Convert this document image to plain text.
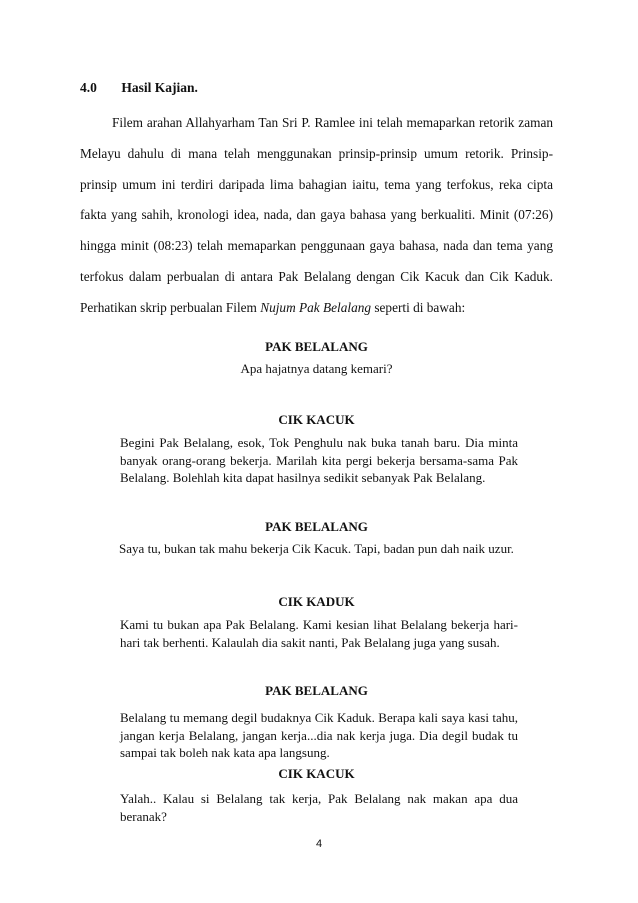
4.0 Hasil Kajian.
Filem arahan Allahyarham Tan Sri P. Ramlee ini telah memaparkan retorik zaman Melayu dahulu di mana telah menggunakan prinsip-prinsip umum retorik. Prinsip-prinsip umum ini terdiri daripada lima bahagian iaitu, tema yang terfokus, reka cipta fakta yang sahih, kronologi idea, nada, dan gaya bahasa yang berkualiti. Minit (07:26) hingga minit (08:23) telah memaparkan penggunaan gaya bahasa, nada dan tema yang terfokus dalam perbualan di antara Pak Belalang dengan Cik Kacuk dan Cik Kaduk. Perhatikan skrip perbualan Filem Nujum Pak Belalang seperti di bawah:
PAK BELALANG
Apa hajatnya datang kemari?
CIK KACUK
Begini Pak Belalang, esok, Tok Penghulu nak buka tanah baru. Dia minta banyak orang-orang bekerja. Marilah kita pergi bekerja bersama-sama Pak Belalang. Bolehlah kita dapat hasilnya sedikit sebanyak Pak Belalang.
PAK BELALANG
Saya tu, bukan tak mahu bekerja Cik Kacuk. Tapi, badan pun dah naik uzur.
CIK KADUK
Kami tu bukan apa Pak Belalang. Kami kesian lihat Belalang bekerja hari-hari tak berhenti. Kalaulah dia sakit nanti, Pak Belalang juga yang susah.
PAK BELALANG
Belalang tu memang degil budaknya Cik Kaduk. Berapa kali saya kasi tahu, jangan kerja Belalang, jangan kerja...dia nak kerja juga. Dia degil budak tu sampai tak boleh nak kata apa langsung.
CIK KACUK
Yalah.. Kalau si Belalang tak kerja, Pak Belalang nak makan apa dua beranak?
4
